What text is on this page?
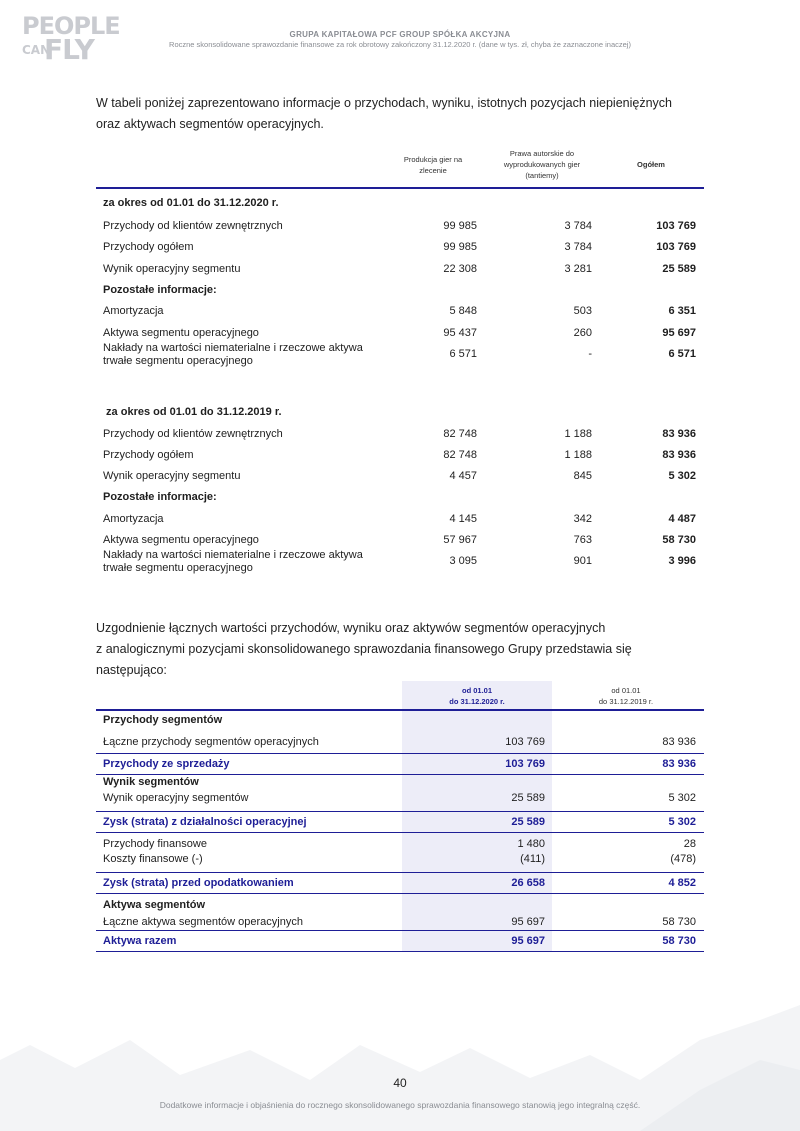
PEOPLE
CAN
FLY	GRUPA KAPITAŁOWA PCF GROUP SPÓŁKA AKCYJNA
Roczne skonsolidowane sprawozdanie finansowe za rok obrotowy zakończony 31.12.2020 r. (dane w tys. zł, chyba że zaznaczone inaczej)
W tabeli poniżej zaprezentowano informacje o przychodach, wyniku, istotnych pozycjach niepieniężnych
oraz aktywach segmentów operacyjnych.
Produkcja gier na
zlecenie
Prawa autorskie do
wyprodukowanych gier
(tantiemy)
Ogółem
za okres od 01.01 do 31.12.2020 r.
Przychody od klientów zewnętrznych	99 985	3 784	103 769
Przychody ogółem	99 985	3 784	103 769
Wynik operacyjny segmentu	22 308	3 281	25 589
Pozostałe informacje:
Amortyzacja	5 848	503	6 351
Aktywa segmentu operacyjnego	95 437	260	95 697
Nakłady na wartości niematerialne i rzeczowe aktywa
trwałe segmentu operacyjnego
6 571	-	6 571
za okres od 01.01 do 31.12.2019 r.
Przychody od klientów zewnętrznych	82 748	1 188	83 936
Przychody ogółem	82 748	1 188	83 936
Wynik operacyjny segmentu	4 457	845	5 302
Pozostałe informacje:
Amortyzacja	4 145	342	4 487
Aktywa segmentu operacyjnego	57 967	763	58 730
Nakłady na wartości niematerialne i rzeczowe aktywa
trwałe segmentu operacyjnego
3 095	901	3 996
Uzgodnienie łącznych wartości przychodów, wyniku oraz aktywów segmentów operacyjnych
z analogicznymi pozycjami skonsolidowanego sprawozdania finansowego Grupy przedstawia się
następująco:
od 01.01
do 31.12.2020 r.
od 01.01
do 31.12.2019 r.
Przychody segmentów
Łączne przychody segmentów operacyjnych	103 769	83 936
Przychody ze sprzedaży	103 769	83 936
Wynik segmentów
Wynik operacyjny segmentów	25 589	5 302
Zysk (strata) z działalności operacyjnej	25 589	5 302
Przychody finansowe	1 480	28
Koszty finansowe (-)	(411)	(478)
Zysk (strata) przed opodatkowaniem	26 658	4 852
Aktywa segmentów
Łączne aktywa segmentów operacyjnych	95 697	58 730
Aktywa razem	95 697	58 730
40
Dodatkowe informacje i objaśnienia do rocznego skonsolidowanego sprawozdania finansowego stanowią jego integralną część.
